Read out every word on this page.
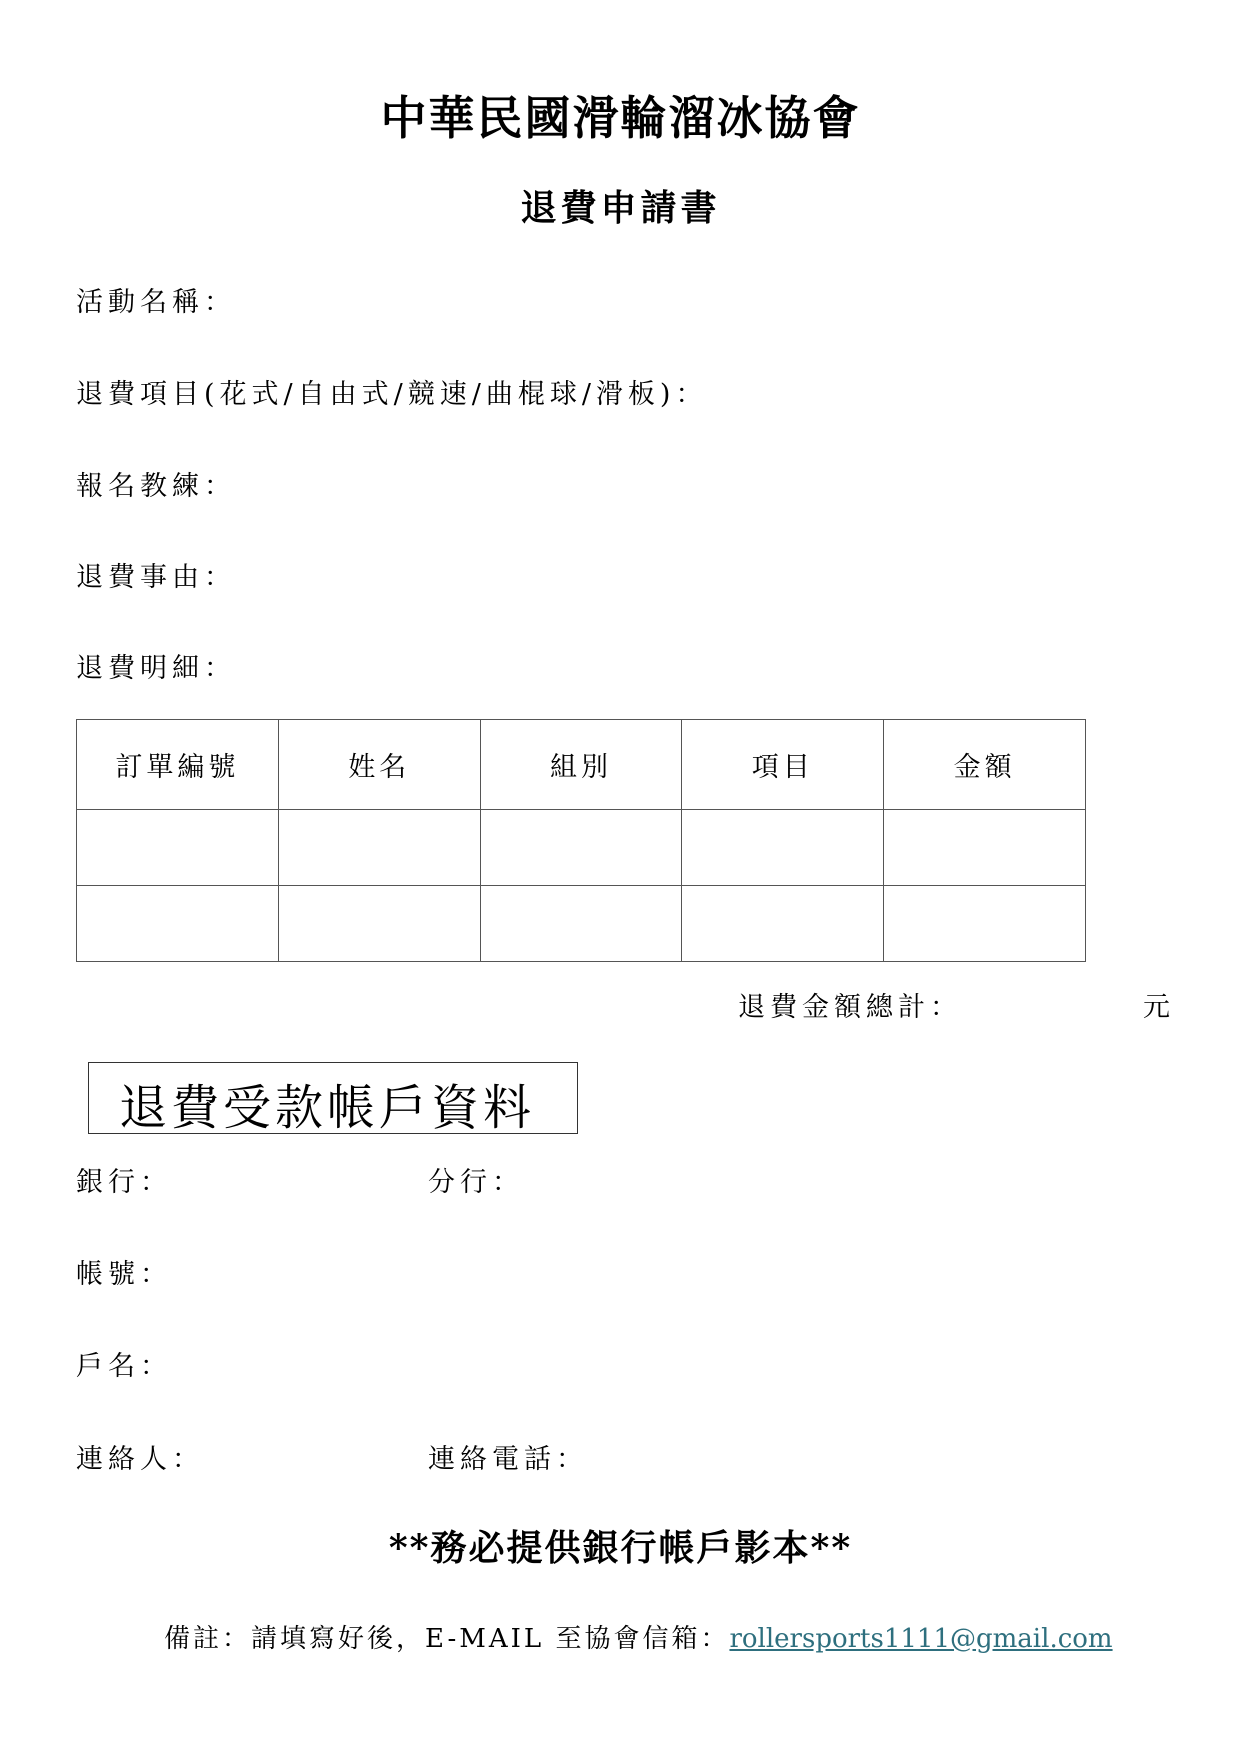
中華民國滑輪溜冰協會
退費申請書
活動名稱：
退費項目(花式/自由式/競速/曲棍球/滑板)：
報名教練：
退費事由：
退費明細：
訂單編號	姓名	組別	項目	金額

退費金額總計：	元
退費受款帳戶資料
銀行：	分行：
帳號：
戶名：
連絡人：	連絡電話：
**務必提供銀行帳戶影本**
備註：請填寫好後，E-MAIL 至協會信箱：rollersports1111@gmail.com
